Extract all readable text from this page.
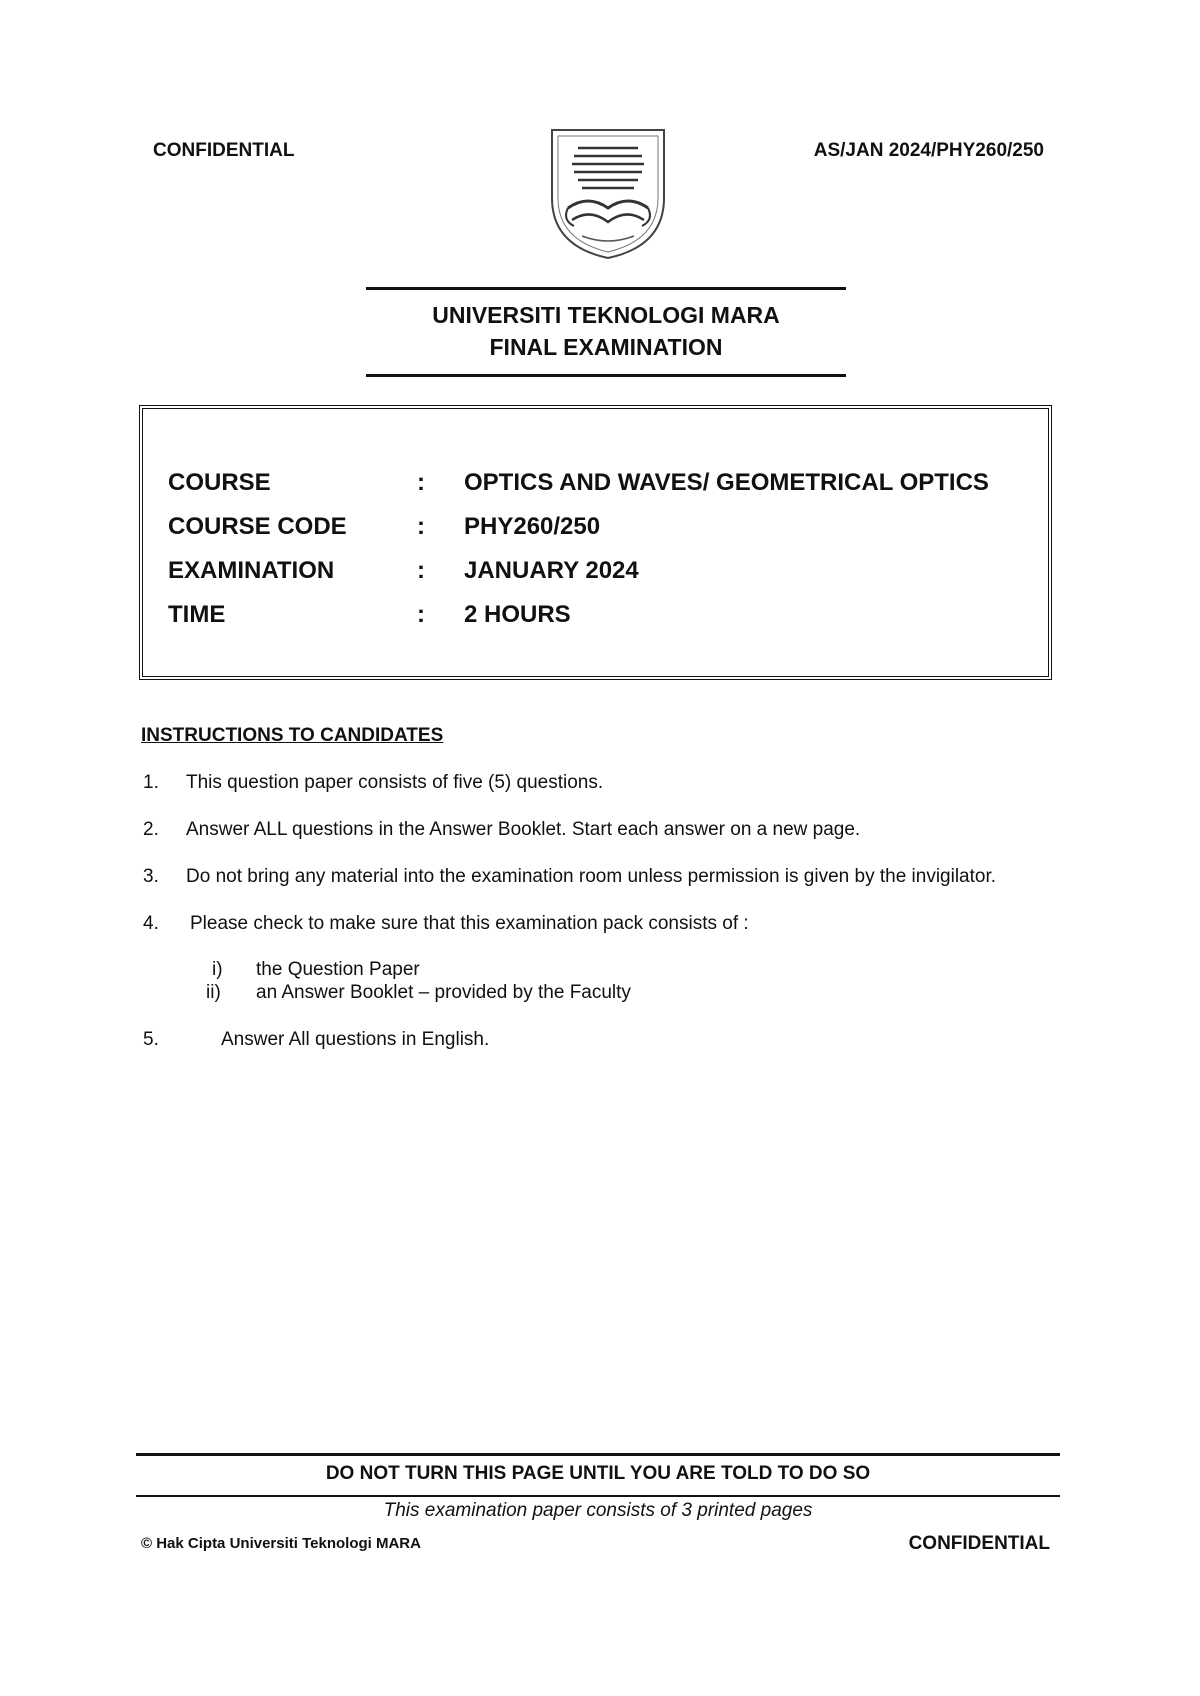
CONFIDENTIAL	AS/JAN 2024/PHY260/250
UNIVERSITI TEKNOLOGI MARA
FINAL EXAMINATION
COURSE	: OPTICS AND WAVES/ GEOMETRICAL OPTICS
COURSE CODE	: PHY260/250
EXAMINATION	: JANUARY 2024
TIME	: 2 HOURS
INSTRUCTIONS TO CANDIDATES
1. This question paper consists of five (5) questions.
2. Answer ALL questions in the Answer Booklet. Start each answer on a new page.
3. Do not bring any material into the examination room unless permission is given by the invigilator.
4. Please check to make sure that this examination pack consists of :
i) the Question Paper
ii) an Answer Booklet – provided by the Faculty
5.	Answer All questions in English.
DO NOT TURN THIS PAGE UNTIL YOU ARE TOLD TO DO SO
This examination paper consists of 3 printed pages
© Hak Cipta Universiti Teknologi MARA	CONFIDENTIAL
